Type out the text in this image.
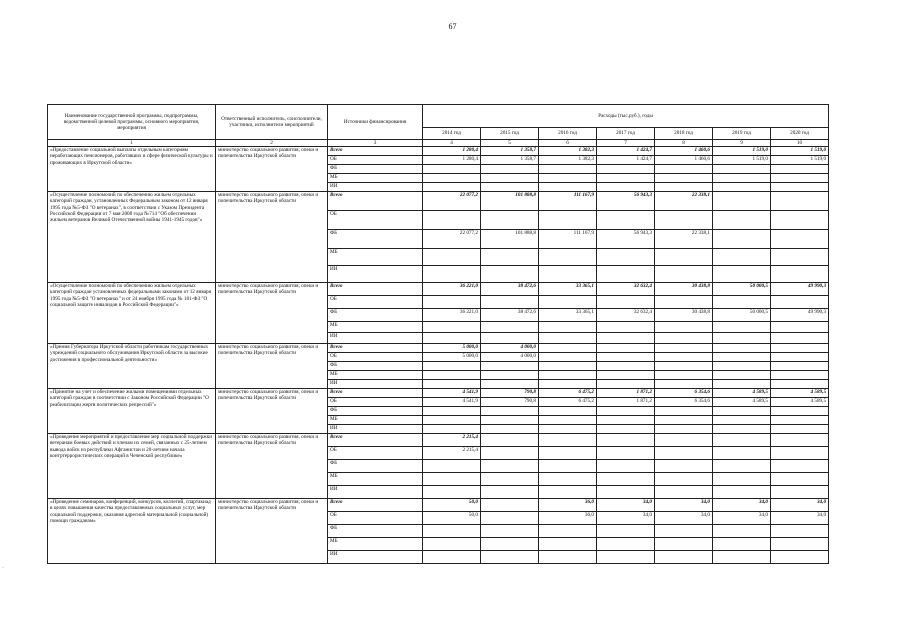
67
Наименование государственной программы, подпрограммы, ведомственной целевой программы, основного мероприятия, мероприятия	Ответственный исполнитель, соисполнители, участники, исполнители мероприятий	Источники финансирования	Расходы (тыс.руб.), годы						
			2014 год	2015 год	2016 год	2017 год	2018 год	2019 год	2020 год
1	2	3	4	5	6	7	8	9	10
«Предоставление социальной выплаты отдельным категориям неработающих пенсионеров, работавших в сфере физической культуры и проживающих в Иркутской области»	министерство социального развития, опеки и попечительства Иркутской области	Всего	1 280,4	1 358,7	1 382,3	1 424,7	1 460,6	1 519,0	1 519,0
		ОБ	1 280,4	1 358,7	1 382,3	1 424,7	1 460,6	1 519,0	1 519,0
		ФБ							
		МБ							
		ИИ							
«Осуществление полномочий по обеспечению жильем отдельных категорий граждан, установленных Федеральным законом от 12 января 1995 года №5-ФЗ "О ветеранах", в соответствии с Указом Президента Российской Федерации от 7 мая 2008 года №714 "Об обеспечении жильем ветеранов Великой Отечественной войны 1941-1945 годов"»	министерство социального развития, опеки и попечительства Иркутской области	Всего	22 077,2	101 888,8	111 167,9	56 943,3	22 338,1		
		ОБ							
		ФБ	22 077,2	101 888,8	111 167,9	56 943,3	22 338,1		
		МБ							
		ИИ							
«Осуществление полномочий по обеспечению жильем отдельных категорий граждан установленных федеральными законами от 12 января 1995 года №5-ФЗ "О ветеранах" и от 24 ноября 1995 года № 181-ФЗ "О социальной защите инвалидов в Российской Федерации"»	министерство социального развития, опеки и попечительства Иркутской области	Всего	36 221,0	38 472,6	33 365,1	32 632,4	30 438,8	50 000,5	49 990,3
		ОБ							
		ФБ	36 221,0	38 472,6	33 365,1	32 632,4	30 438,8	50 000,5	49 990,3
		МБ							
		ИИ							
«Премия Губернатора Иркутской области работникам государственных учреждений социального обслуживания Иркутской области за высокие достижения в профессиональной деятельности»	министерство социального развития, опеки и попечительства Иркутской области	Всего	5 000,0	4 000,0					
		ОБ	5 000,0	4 000,0					
		ФБ							
		МБ							
		ИИ							
«Принятие на учет и обеспечение жилыми помещениями отдельных категорий граждан в соответствии с Законом Российской Федерации "О реабилитации жертв политических репрессий"»	министерство социального развития, опеки и попечительства Иркутской области	Всего	4 541,9	790,8	6 475,2	1 871,2	6 354,6	4 589,5	4 589,5
		ОБ	4 541,9	790,8	6 475,2	1 871,2	6 354,6	4 589,5	4 589,5
		ФБ							
		МБ							
		ИИ							
«Проведение мероприятий и предоставление мер социальной поддержки ветеранам боевых действий и членам их семей, связанных с 25-летием вывода войск из республики Афганистан и 20-летием начала контртеррористических операций в Чеченской республике»	министерство социального развития, опеки и попечительства Иркутской области	Всего	2 215,4						
		ОБ	2 215,4						
		ФБ							
		МБ							
		ИИ							
«Проведение семинаров, конференций, конкурсов, коллегий, спартакиад в целях повышения качества предоставляемых социальных услуг, мер социальной поддержки, оказания адресной материальной (социальной) помощи гражданам»	министерство социального развития, опеки и попечительства Иркутской области	Всего	50,0		36,0	34,0	34,0	34,0	34,0
		ОБ	50,0		36,0	34,0	34,0	34,0	34,0
		ФБ							
		МБ							
		ИИ							
·
